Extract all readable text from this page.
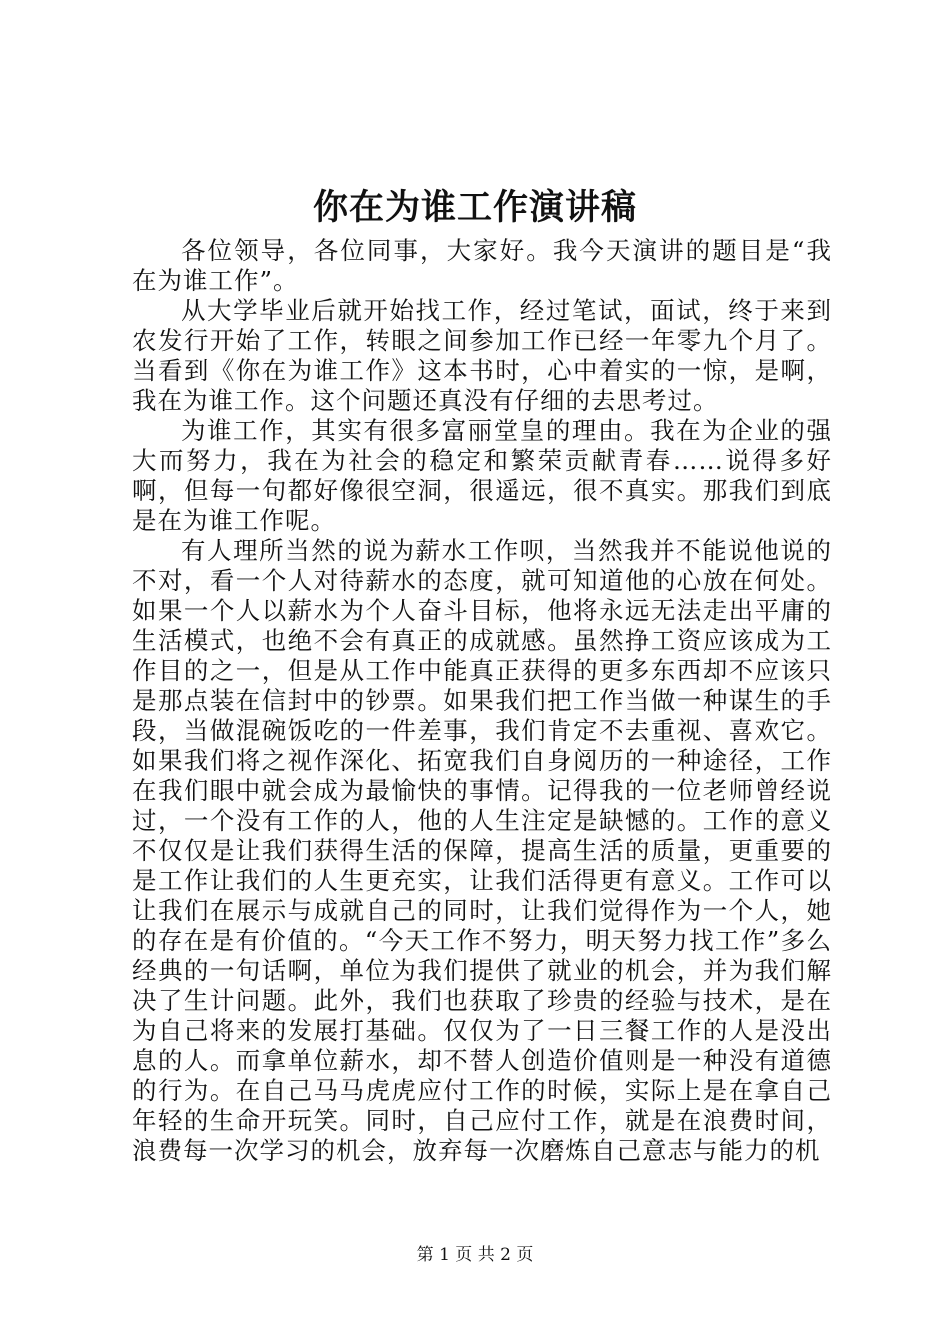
你在为谁工作演讲稿

各位领导，各位同事，大家好。我今天演讲的题目是“我在为谁工作”。

从大学毕业后就开始找工作，经过笔试，面试，终于来到农发行开始了工作，转眼之间参加工作已经一年零九个月了。当看到《你在为谁工作》这本书时，心中着实的一惊，是啊，我在为谁工作。这个问题还真没有仔细的去思考过。

为谁工作，其实有很多富丽堂皇的理由。我在为企业的强大而努力，我在为社会的稳定和繁荣贡献青春……说得多好啊，但每一句都好像很空洞，很遥远，很不真实。那我们到底是在为谁工作呢。

有人理所当然的说为薪水工作呗，当然我并不能说他说的不对，看一个人对待薪水的态度，就可知道他的心放在何处。如果一个人以薪水为个人奋斗目标，他将永远无法走出平庸的生活模式，也绝不会有真正的成就感。虽然挣工资应该成为工作目的之一，但是从工作中能真正获得的更多东西却不应该只是那点装在信封中的钞票。如果我们把工作当做一种谋生的手段，当做混碗饭吃的一件差事，我们肯定不去重视、喜欢它。如果我们将之视作深化、拓宽我们自身阅历的一种途径，工作在我们眼中就会成为最愉快的事情。记得我的一位老师曾经说过，一个没有工作的人，他的人生注定是缺憾的。工作的意义不仅仅是让我们获得生活的保障，提高生活的质量，更重要的是工作让我们的人生更充实，让我们活得更有意义。工作可以让我们在展示与成就自己的同时，让我们觉得作为一个人，她的存在是有价值的。“今天工作不努力，明天努力找工作”多么经典的一句话啊，单位为我们提供了就业的机会，并为我们解决了生计问题。此外，我们也获取了珍贵的经验与技术，是在为自己将来的发展打基础。仅仅为了一日三餐工作的人是没出息的人。而拿单位薪水，却不替人创造价值则是一种没有道德的行为。在自己马马虎虎应付工作的时候，实际上是在拿自己年轻的生命开玩笑。同时，自己应付工作，就是在浪费时间，浪费每一次学习的机会，放弃每一次磨炼自己意志与能力的机

第 1 页 共 2 页
